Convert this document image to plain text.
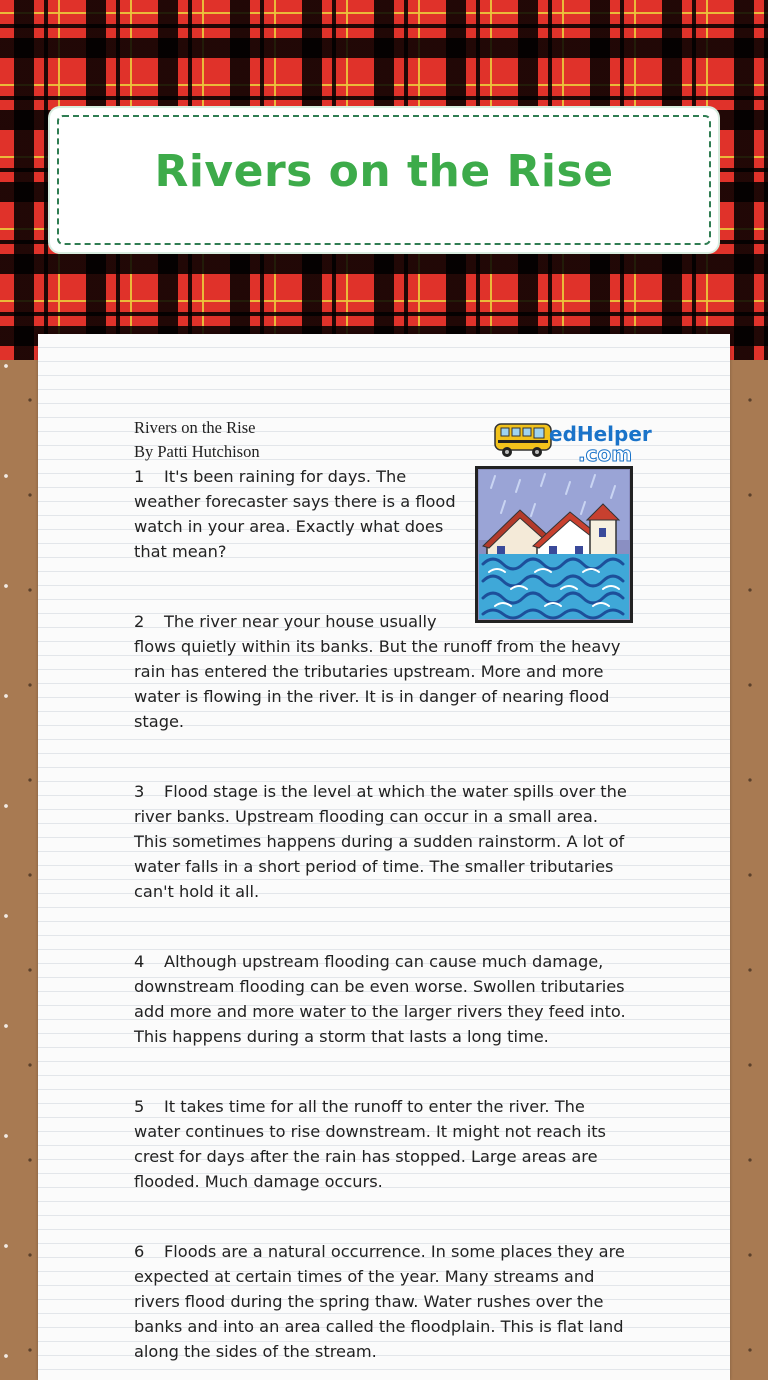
Rivers on the Rise
edHelper
.com
Rivers on the Rise
By Patti Hutchison

1 It's been raining for days. The weather forecaster says there is a flood watch in your area. Exactly what does that mean?

2 The river near your house usually flows quietly within its banks. But the runoff from the heavy rain has entered the tributaries upstream. More and more water is flowing in the river. It is in danger of nearing flood stage.

3 Flood stage is the level at which the water spills over the river banks. Upstream flooding can occur in a small area. This sometimes happens during a sudden rainstorm. A lot of water falls in a short period of time. The smaller tributaries can't hold it all.

4 Although upstream flooding can cause much damage, downstream flooding can be even worse. Swollen tributaries add more and more water to the larger rivers they feed into. This happens during a storm that lasts a long time.

5 It takes time for all the runoff to enter the river. The water continues to rise downstream. It might not reach its crest for days after the rain has stopped. Large areas are flooded. Much damage occurs.

6 Floods are a natural occurrence. In some places they are expected at certain times of the year. Many streams and rivers flood during the spring thaw. Water rushes over the banks and into an area called the floodplain. This is flat land along the sides of the stream.
